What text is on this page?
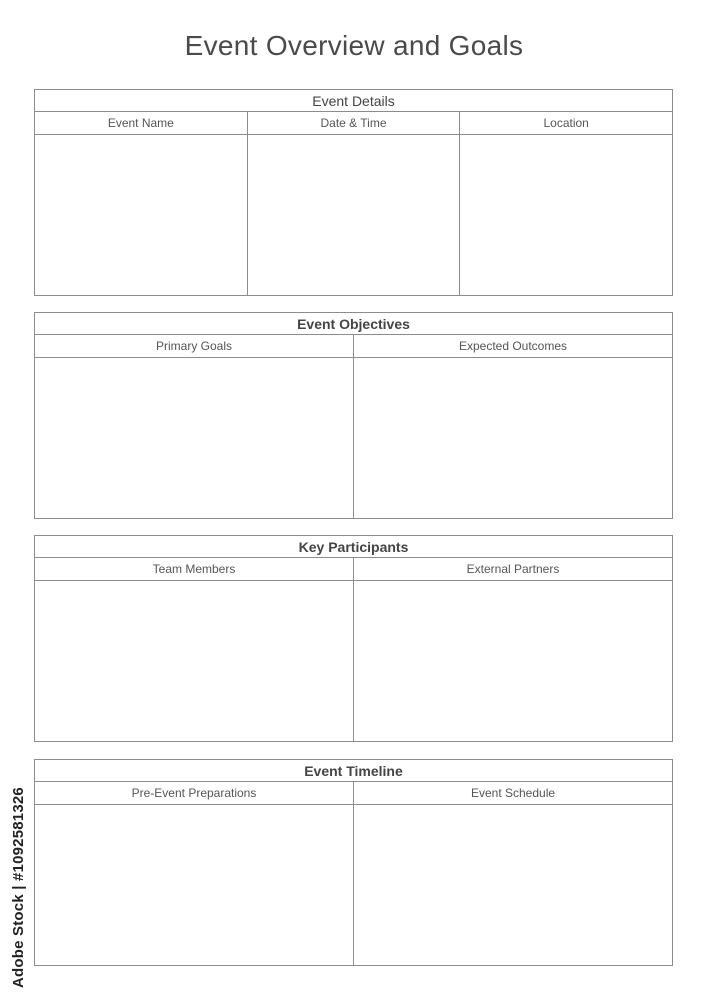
Event Overview and Goals
Event Details
Event Name	Date & Time	Location
Event Objectives
Primary Goals	Expected Outcomes
Key Participants
Team Members	External Partners
Event Timeline
Pre-Event Preparations	Event Schedule
Adobe Stock | #1092581326
